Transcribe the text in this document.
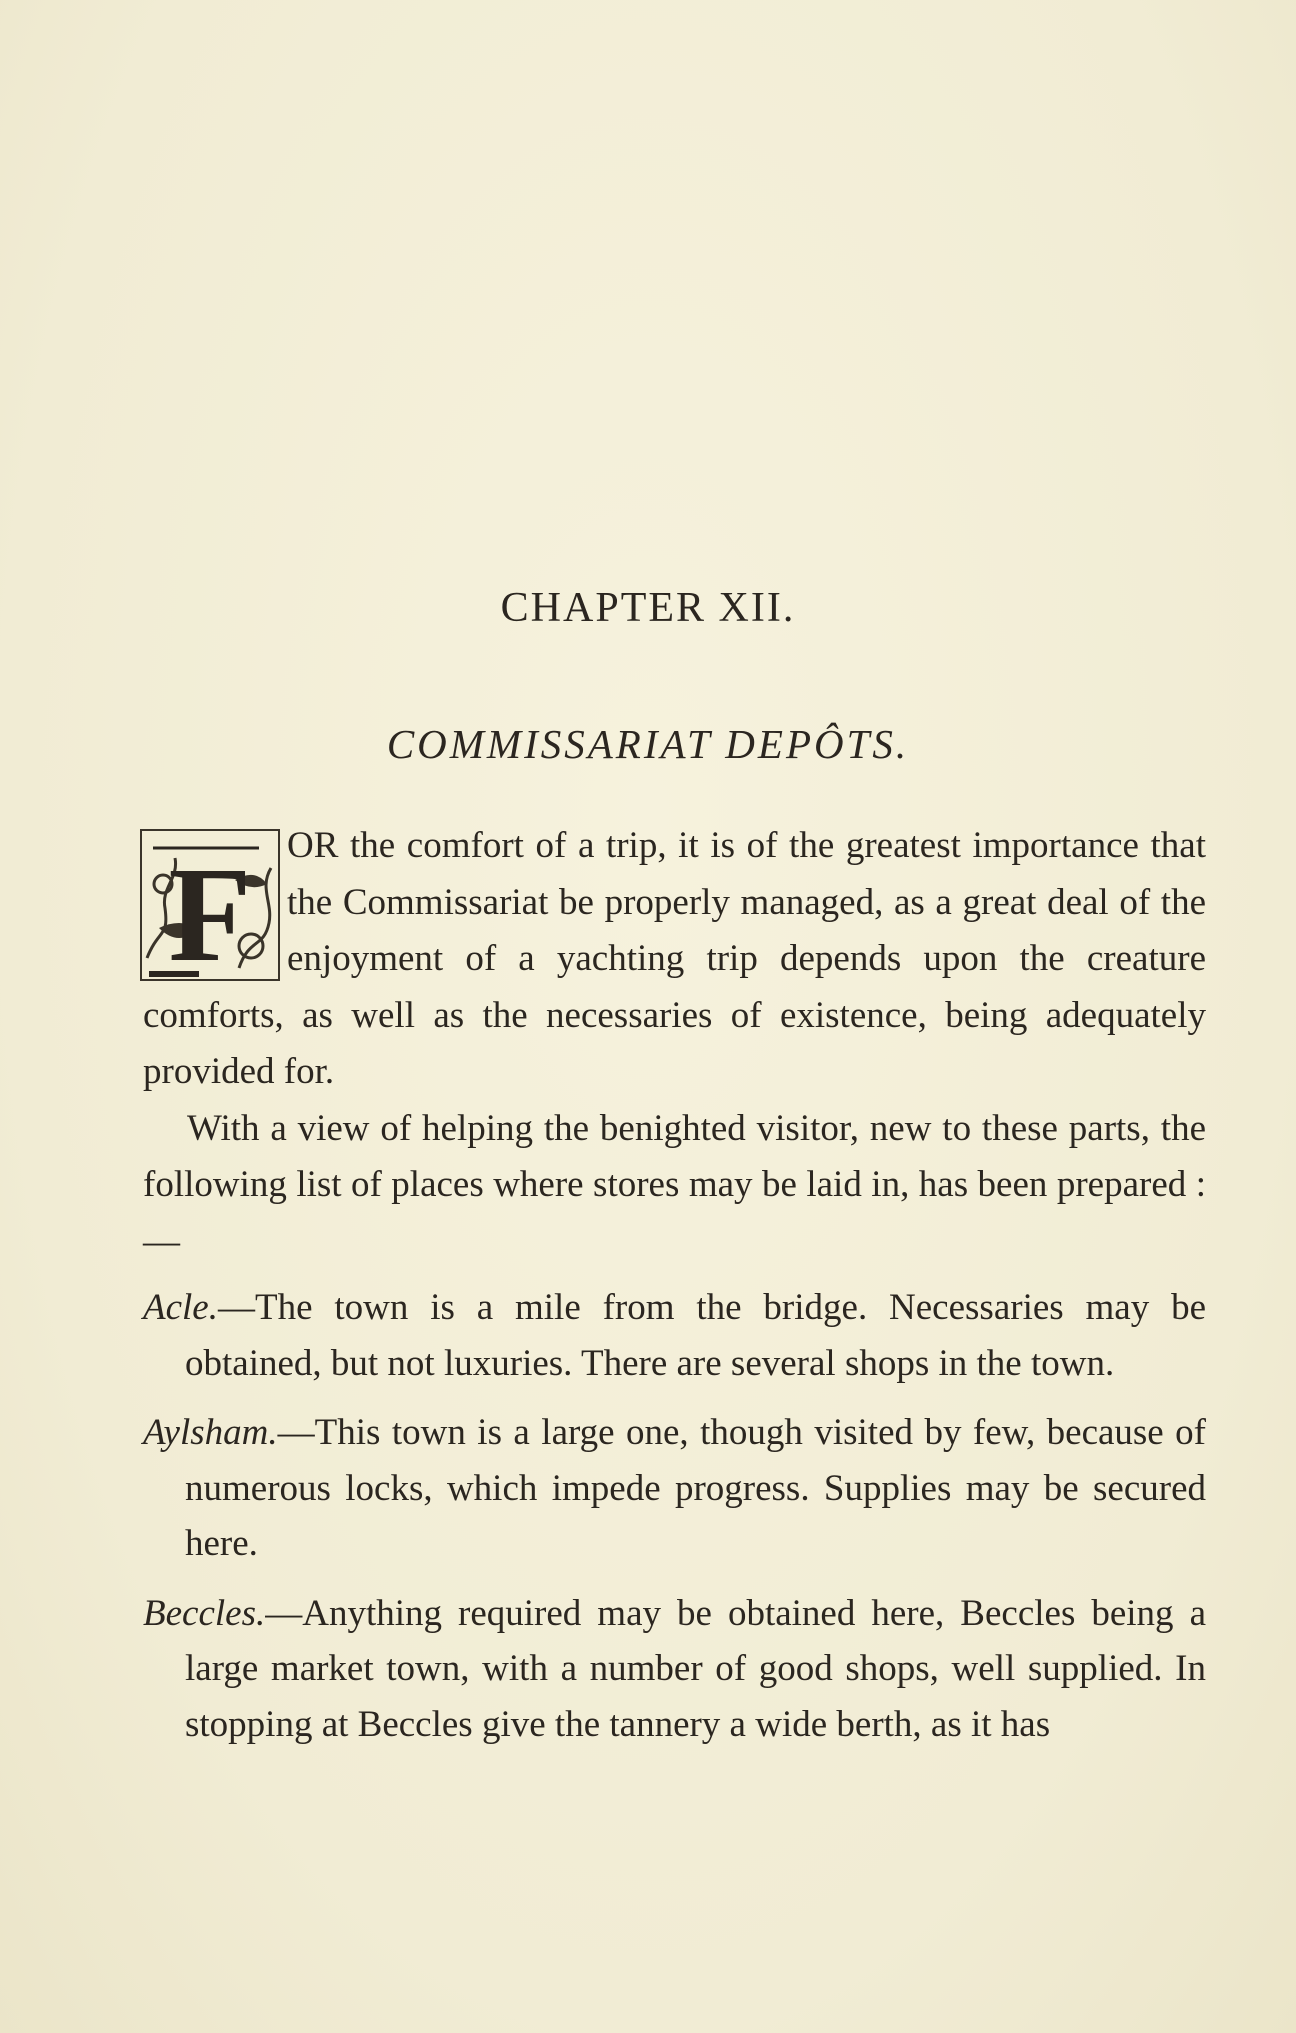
CHAPTER XII.
COMMISSARIAT DEPÔTS.

F OR the comfort of a trip, it is of the greatest importance that the Commissariat be properly managed, as a great deal of the enjoyment of a yachting trip depends upon the creature comforts, as well as the necessaries of existence, being adequately provided for.

With a view of helping the benighted visitor, new to these parts, the following list of places where stores may be laid in, has been prepared :—

Acle.—The town is a mile from the bridge. Necessaries may be obtained, but not luxuries. There are several shops in the town.

Aylsham.—This town is a large one, though visited by few, because of numerous locks, which impede progress. Supplies may be secured here.

Beccles.—Anything required may be obtained here, Beccles being a large market town, with a number of good shops, well supplied. In stopping at Beccles give the tannery a wide berth, as it has
